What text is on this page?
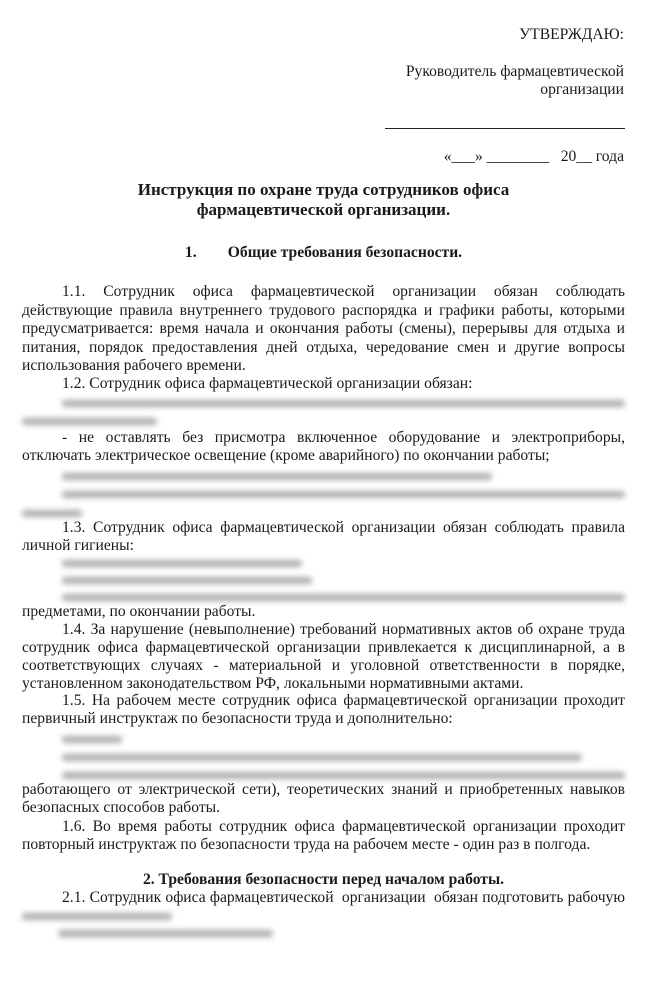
УТВЕРЖДАЮ:
Руководитель фармацевтической
организации
«___» ________   20__ года
Инструкция по охране труда сотрудников офиса
фармацевтической организации.
1.        Общие требования безопасности.
1.1.  Сотрудник  офиса  фармацевтической  организации  обязан  соблюдать
действующие правила внутреннего трудового распорядка и графики работы, которыми
предусматривается: время начала и окончания работы (смены), перерывы для отдыха и
питания, порядок предоставления дней отдыха, чередование смен и другие вопросы
использования рабочего времени.
1.2. Сотрудник офиса фармацевтической организации обязан:
- не оставлять без присмотра включенное оборудование и электроприборы,
отключать электрическое освещение (кроме аварийного) по окончании работы;
1.3. Сотрудник офиса фармацевтической организации обязан соблюдать правила
личной гигиены:
предметами, по окончании работы.
1.4. За нарушение (невыполнение) требований нормативных актов об охране труда
сотрудник офиса фармацевтической организации привлекается к дисциплинарной, а в
соответствующих случаях - материальной и уголовной ответственности в порядке,
установленном законодательством РФ, локальными нормативными актами.
1.5. На рабочем месте сотрудник офиса фармацевтической организации проходит
первичный инструктаж по безопасности труда и дополнительно:
работающего от электрической сети), теоретических знаний и приобретенных навыков
безопасных способов работы.
1.6. Во время работы сотрудник офиса фармацевтической организации проходит
повторный инструктаж по безопасности труда на рабочем месте - один раз в полгода.
2. Требования безопасности перед началом работы.
2.1. Сотрудник офиса фармацевтической  организации  обязан подготовить рабочую
